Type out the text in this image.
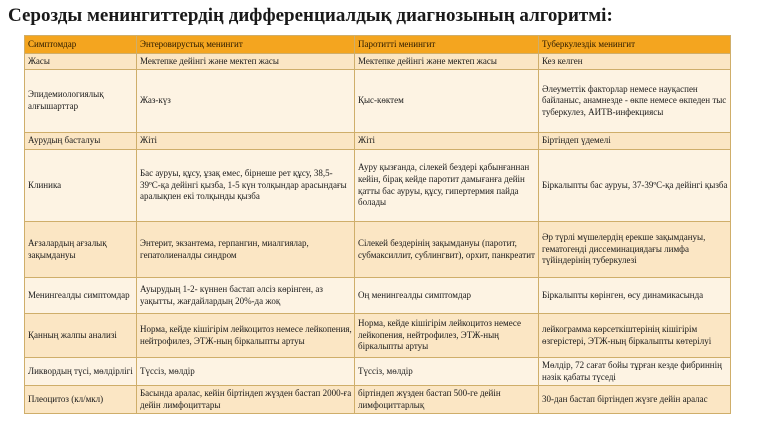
Серозды менингиттердің дифференциалдық диагнозының алгоритмі:
Симптомдар	Энтеровирустық менингит	Паротитті менингит	Туберкулездік менингит
Жасы	Мектепке дейінгі және мектеп жасы	Мектепке дейінгі және мектеп жасы	Кез келген
Эпидемиологиялық алғышарттар	Жаз-күз	Қыс-көктем	Әлеуметтік факторлар немесе науқаспен байланыс, анамнезде - өкпе немесе өкпеден тыс туберкулез, АИТВ-инфекциясы
Аурудың басталуы	Жіті	Жіті	Біртіндеп үдемелі
Клиника	Бас ауруы, құсу, ұзақ емес, бірнеше рет құсу, 38,5-39ºC-қа дейінгі қызба, 1-5 күн толқындар арасындағы аралықпен екі толқынды қызба	Ауру қызғанда, сілекей бездері қабынғаннан кейін, бірақ кейде паротит дамығанға дейін қатты бас ауруы, құсу, гипертермия пайда болады	Біркалыпты бас ауруы, 37-39ºC-қа дейінгі қызба
Ағзалардың ағзалық зақымдануы	Энтерит, экзантема, герпангин, миалгиялар, гепатолиеналды синдром	Сілекей бездерінің зақымдануы (паротит, субмаксиллит, сублингвит), орхит, панкреатит	Әр түрлі мүшелердің ерекше зақымдануы, гематогенді диссеминациядағы лимфа түйіндерінің туберкулезі
Менингеалды симптомдар	Ауырудың 1-2- күннен бастап әлсіз көрінген, аз уақытты, жағдайлардың 20%-да жоқ	Оң менингеалды симптомдар	Біркалыпты көрінген, өсу динамикасында
Қанның жалпы анализі	Норма, кейде кішігірім лейкоцитоз немесе лейкопения, нейтрофилез, ЭТЖ-ның біркалыпты артуы	Норма, кейде кішігірім лейкоцитоз немесе лейкопения, нейтрофилез, ЭТЖ-ның біркалыпты артуы	лейкограмма көрсеткіштерінің кішігірім өзгерістері, ЭТЖ-ның біркалыпты көтерілуі
Ликвордың түсі, мөлдірлігі	Түссіз, мөлдір	Түссіз, мөлдір	Мөлдір, 72 сағат бойы тұрған кезде фибриннің нәзік қабаты түседі
Плеоцитоз (кл/мкл)	Басында аралас, кейін біртіндеп жүзден бастап 2000-ға дейін лимфоциттары	біртіндеп жүзден бастап 500-ге дейін лимфоциттарлық	30-дан бастап біртіндеп жүзге дейін аралас
